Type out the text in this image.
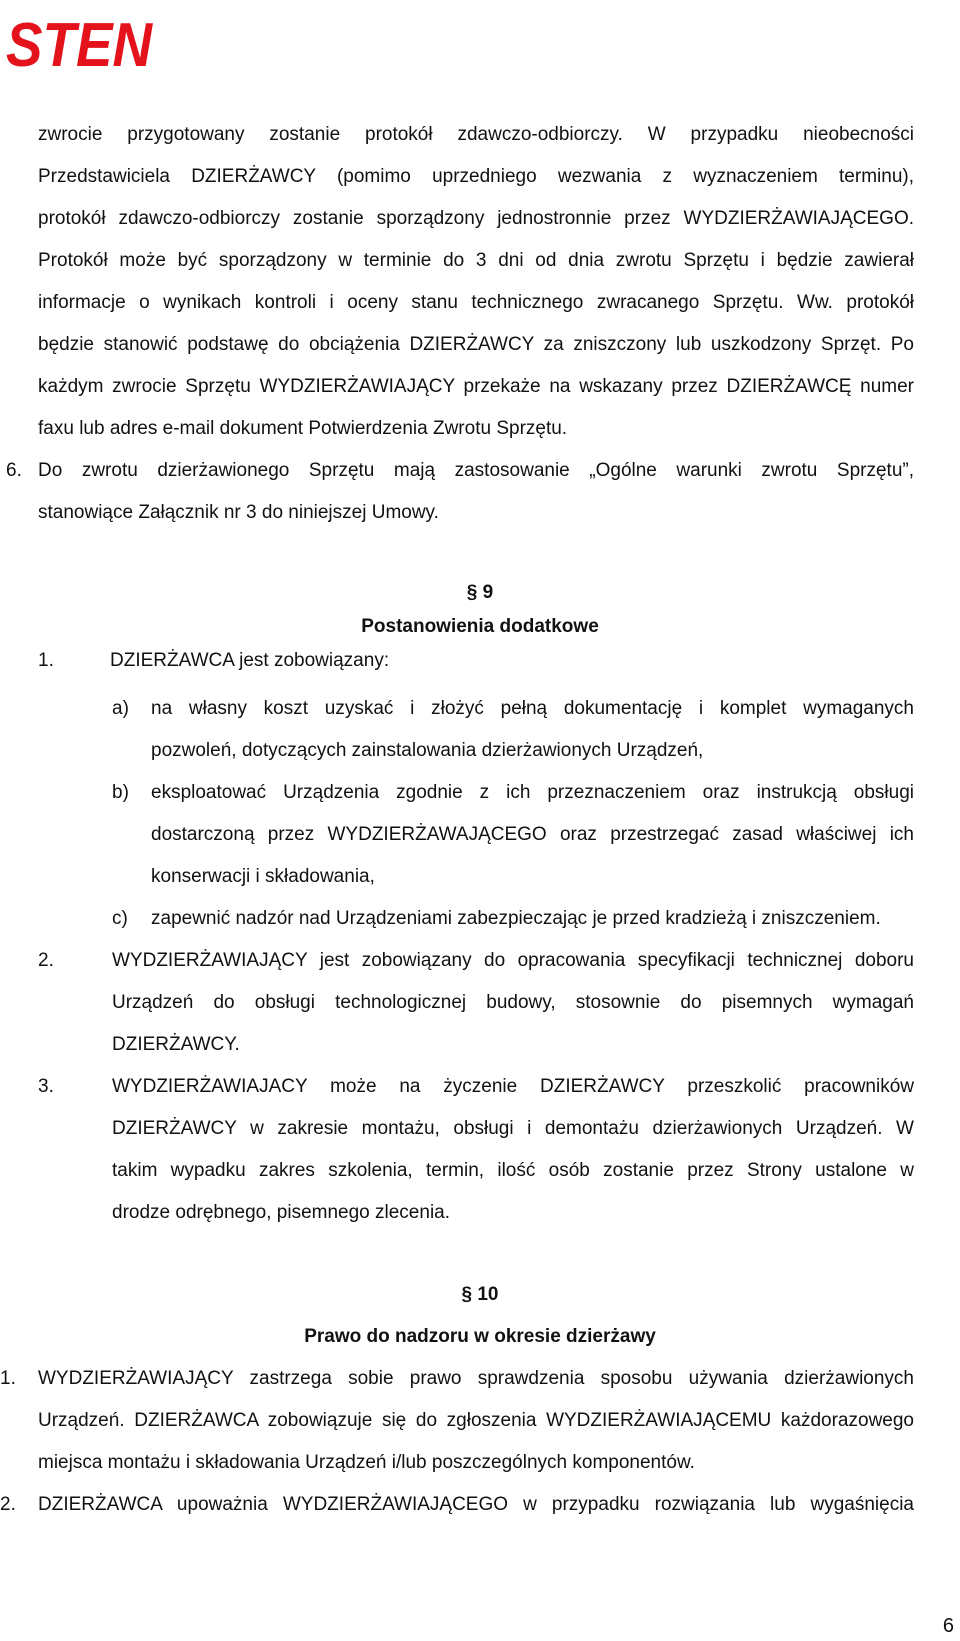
STEN
zwrocie przygotowany zostanie protokół zdawczo-odbiorczy. W przypadku nieobecności
Przedstawiciela DZIERŻAWCY (pomimo uprzedniego wezwania z wyznaczeniem terminu),
protokół zdawczo-odbiorczy zostanie sporządzony jednostronnie przez WYDZIERŻAWIAJĄCEGO.
Protokół może być sporządzony w terminie do 3 dni od dnia zwrotu Sprzętu i będzie zawierał
informacje o wynikach kontroli i oceny stanu technicznego zwracanego Sprzętu. Ww. protokół
będzie stanowić podstawę do obciążenia DZIERŻAWCY za zniszczony lub uszkodzony Sprzęt. Po
każdym zwrocie Sprzętu WYDZIERŻAWIAJĄCY przekaże na wskazany przez DZIERŻAWCĘ numer
faxu lub adres e-mail dokument Potwierdzenia Zwrotu Sprzętu.
6. Do zwrotu dzierżawionego Sprzętu mają zastosowanie „Ogólne warunki zwrotu Sprzętu”,
stanowiące Załącznik nr 3 do niniejszej Umowy.
§ 9
Postanowienia dodatkowe
1.	DZIERŻAWCA jest zobowiązany:
a) na własny koszt uzyskać i złożyć pełną dokumentację i komplet wymaganych
pozwoleń, dotyczących zainstalowania dzierżawionych Urządzeń,
b) eksploatować Urządzenia zgodnie z ich przeznaczeniem oraz instrukcją obsługi
dostarczoną przez WYDZIERŻAWAJĄCEGO oraz przestrzegać zasad właściwej ich
konserwacji i składowania,
c) zapewnić nadzór nad Urządzeniami zabezpieczając je przed kradzieżą i zniszczeniem.
2.	WYDZIERŻAWIAJĄCY jest zobowiązany do opracowania specyfikacji technicznej doboru
Urządzeń do obsługi technologicznej budowy, stosownie do pisemnych wymagań
DZIERŻAWCY.
3.	WYDZIERŻAWIAJACY może na życzenie DZIERŻAWCY przeszkolić pracowników
DZIERŻAWCY w zakresie montażu, obsługi i demontażu dzierżawionych Urządzeń. W
takim wypadku zakres szkolenia, termin, ilość osób zostanie przez Strony ustalone w
drodze odrębnego, pisemnego zlecenia.
§ 10
Prawo do nadzoru w okresie dzierżawy
1. WYDZIERŻAWIAJĄCY zastrzega sobie prawo sprawdzenia sposobu używania dzierżawionych
Urządzeń. DZIERŻAWCA zobowiązuje się do zgłoszenia WYDZIERŻAWIAJĄCEMU każdorazowego
miejsca montażu i składowania Urządzeń i/lub poszczególnych komponentów.
2. DZIERŻAWCA upoważnia WYDZIERŻAWIAJĄCEGO w przypadku rozwiązania lub wygaśnięcia
6
